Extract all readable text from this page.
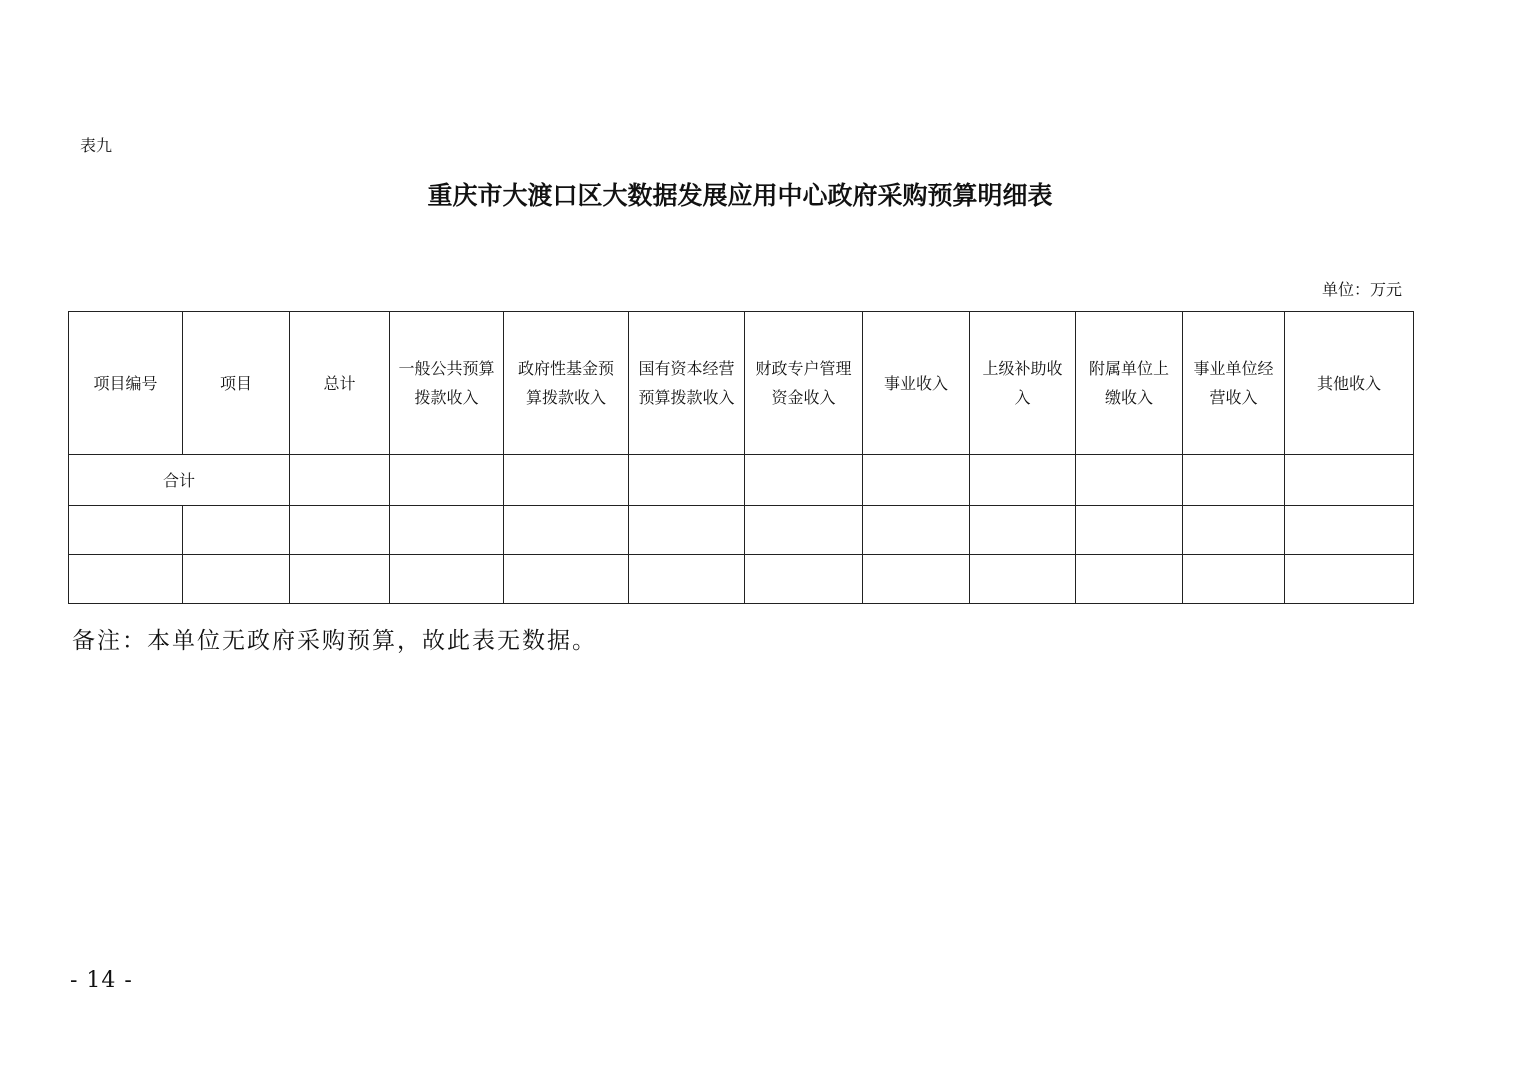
表九
重庆市大渡口区大数据发展应用中心政府采购预算明细表
单位：万元
项目编号	项目	总计	一般公共预算拨款收入	政府性基金预算拨款收入	国有资本经营预算拨款收入	财政专户管理资金收入	事业收入	上级补助收入	附属单位上缴收入	事业单位经营收入	其他收入
合计											

备注：本单位无政府采购预算，故此表无数据。
- 14 -
